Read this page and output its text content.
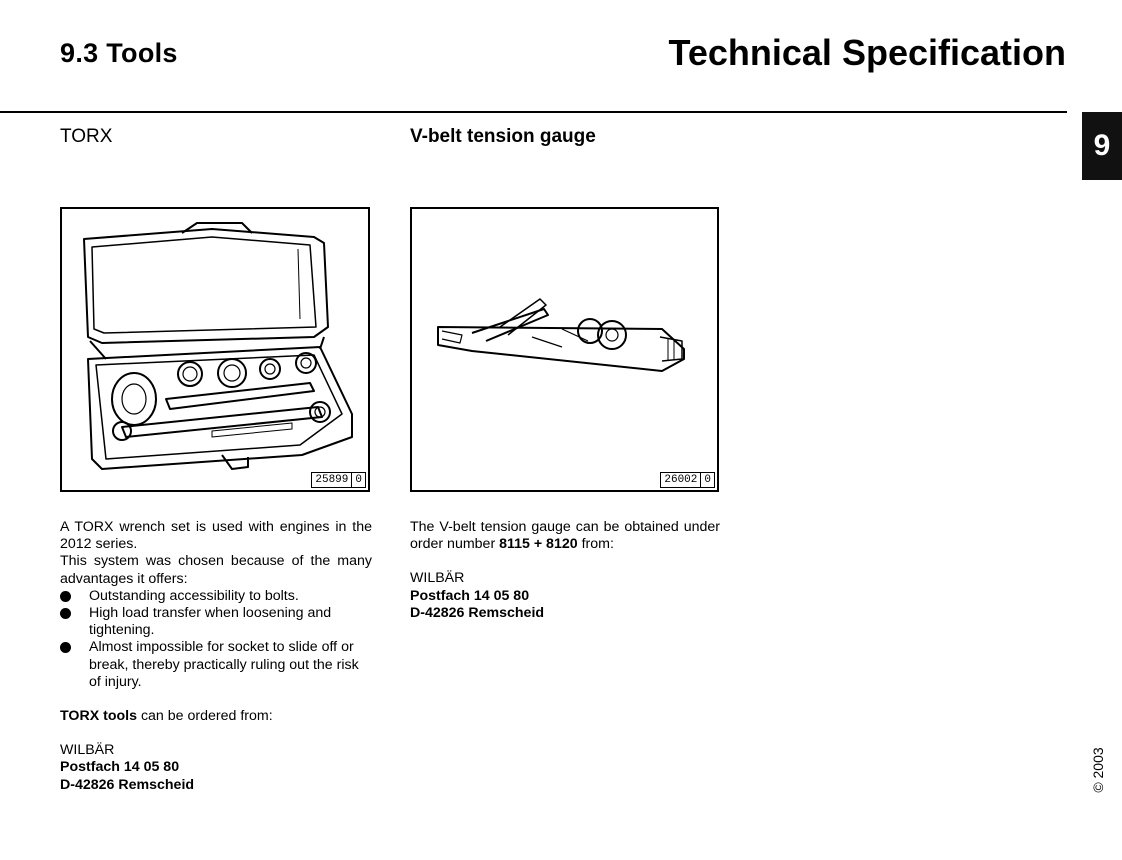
9.3 Tools	Technical Specification
9
TORX	V-belt tension gauge
25899 0	26002 0

A TORX wrench set is used with engines in the 2012 series.

This system was chosen because of the many advantages it offers:

Outstanding accessibility to bolts.
High load transfer when loosening and tightening.
Almost impossible for socket to slide off or break, thereby practically ruling out the risk of injury.

TORX tools can be ordered from:

WILBÄR

Postfach 14 05 80

D-42826 Remscheid

The V-belt tension gauge can be obtained under order number 8115 + 8120 from:

WILBÄR

Postfach 14 05 80

D-42826 Remscheid

© 2003
